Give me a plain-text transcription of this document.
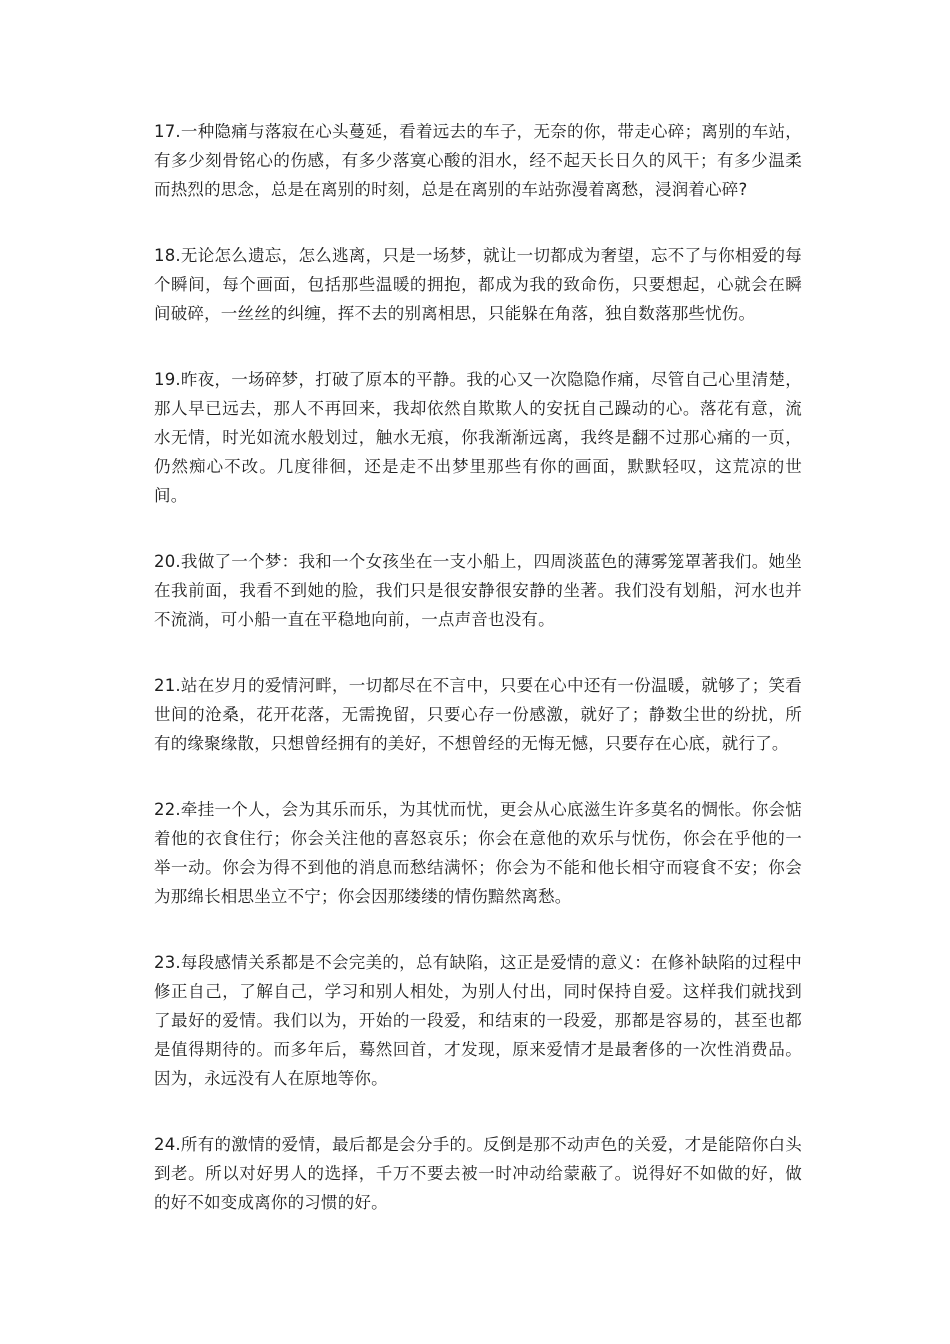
17.一种隐痛与落寂在心头蔓延，看着远去的车子，无奈的你，带走心碎；离别的车站，有多少刻骨铭心的伤感，有多少落寞心酸的泪水，经不起天长日久的风干；有多少温柔而热烈的思念，总是在离别的时刻，总是在离别的车站弥漫着离愁，浸润着心碎?

18.无论怎么遗忘，怎么逃离，只是一场梦，就让一切都成为奢望，忘不了与你相爱的每个瞬间，每个画面，包括那些温暖的拥抱，都成为我的致命伤，只要想起，心就会在瞬间破碎，一丝丝的纠缠，挥不去的别离相思，只能躲在角落，独自数落那些忧伤。

19.昨夜，一场碎梦，打破了原本的平静。我的心又一次隐隐作痛，尽管自己心里清楚，那人早已远去，那人不再回来，我却依然自欺欺人的安抚自己躁动的心。落花有意，流水无情，时光如流水般划过，触水无痕，你我渐渐远离，我终是翻不过那心痛的一页，仍然痴心不改。几度徘徊，还是走不出梦里那些有你的画面，默默轻叹，这荒凉的世间。

20.我做了一个梦：我和一个女孩坐在一支小船上，四周淡蓝色的薄雾笼罩著我们。她坐在我前面，我看不到她的脸，我们只是很安静很安静的坐著。我们没有划船，河水也并不流淌，可小船一直在平稳地向前，一点声音也没有。

21.站在岁月的爱情河畔，一切都尽在不言中，只要在心中还有一份温暖，就够了；笑看世间的沧桑，花开花落，无需挽留，只要心存一份感激，就好了；静数尘世的纷扰，所有的缘聚缘散，只想曾经拥有的美好，不想曾经的无悔无憾，只要存在心底，就行了。

22.牵挂一个人，会为其乐而乐，为其忧而忧，更会从心底滋生许多莫名的惆怅。你会惦着他的衣食住行；你会关注他的喜怒哀乐；你会在意他的欢乐与忧伤，你会在乎他的一举一动。你会为得不到他的消息而愁结满怀；你会为不能和他长相守而寝食不安；你会为那绵长相思坐立不宁；你会因那缕缕的情伤黯然离愁。

23.每段感情关系都是不会完美的，总有缺陷，这正是爱情的意义：在修补缺陷的过程中修正自己，了解自己，学习和别人相处，为别人付出，同时保持自爱。这样我们就找到了最好的爱情。我们以为，开始的一段爱，和结束的一段爱，那都是容易的，甚至也都是值得期待的。而多年后，蓦然回首，才发现，原来爱情才是最奢侈的一次性消费品。因为，永远没有人在原地等你。

24.所有的激情的爱情，最后都是会分手的。反倒是那不动声色的关爱，才是能陪你白头到老。所以对好男人的选择，千万不要去被一时冲动给蒙蔽了。说得好不如做的好，做的好不如变成离你的习惯的好。
